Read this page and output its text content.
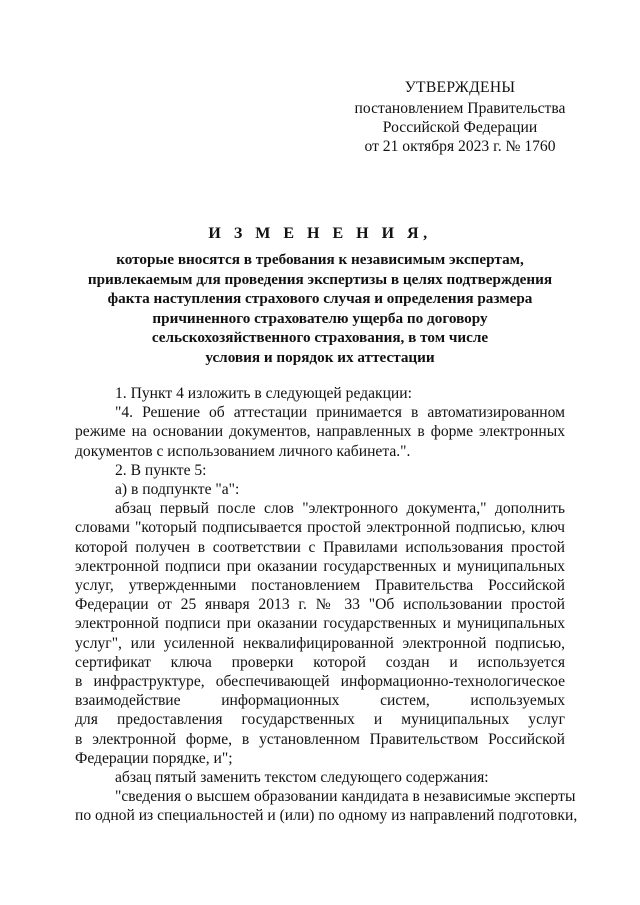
УТВЕРЖДЕНЫ
постановлением Правительства
Российской Федерации
от 21 октября 2023 г. № 1760
И З М Е Н Е Н И Я,
которые вносятся в требования к независимым экспертам,
привлекаемым для проведения экспертизы в целях подтверждения
факта наступления страхового случая и определения размера
причиненного страхователю ущерба по договору
сельскохозяйственного страхования, в том числе
условия и порядок их аттестации

1. Пункт 4 изложить в следующей редакции:

"4. Решение об аттестации принимается в автоматизированном
режиме на основании документов, направленных в форме электронных
документов с использованием личного кабинета.".

2. В пункте 5:

а) в подпункте "а":

абзац первый после слов "электронного документа," дополнить
словами "который подписывается простой электронной подписью, ключ
которой получен в соответствии с Правилами использования простой
электронной подписи при оказании государственных и муниципальных
услуг, утвержденными постановлением Правительства Российской
Федерации от 25 января 2013 г. № 33 "Об использовании простой
электронной подписи при оказании государственных и муниципальных
услуг", или усиленной неквалифицированной электронной подписью,
сертификат ключа проверки которой создан и используется
в инфраструктуре, обеспечивающей информационно-технологическое
взаимодействие информационных систем, используемых
для предоставления государственных и муниципальных услуг
в электронной форме, в установленном Правительством Российской
Федерации порядке, и";

абзац пятый заменить текстом следующего содержания:

"сведения о высшем образовании кандидата в независимые эксперты
по одной из специальностей и (или) по одному из направлений подготовки,
